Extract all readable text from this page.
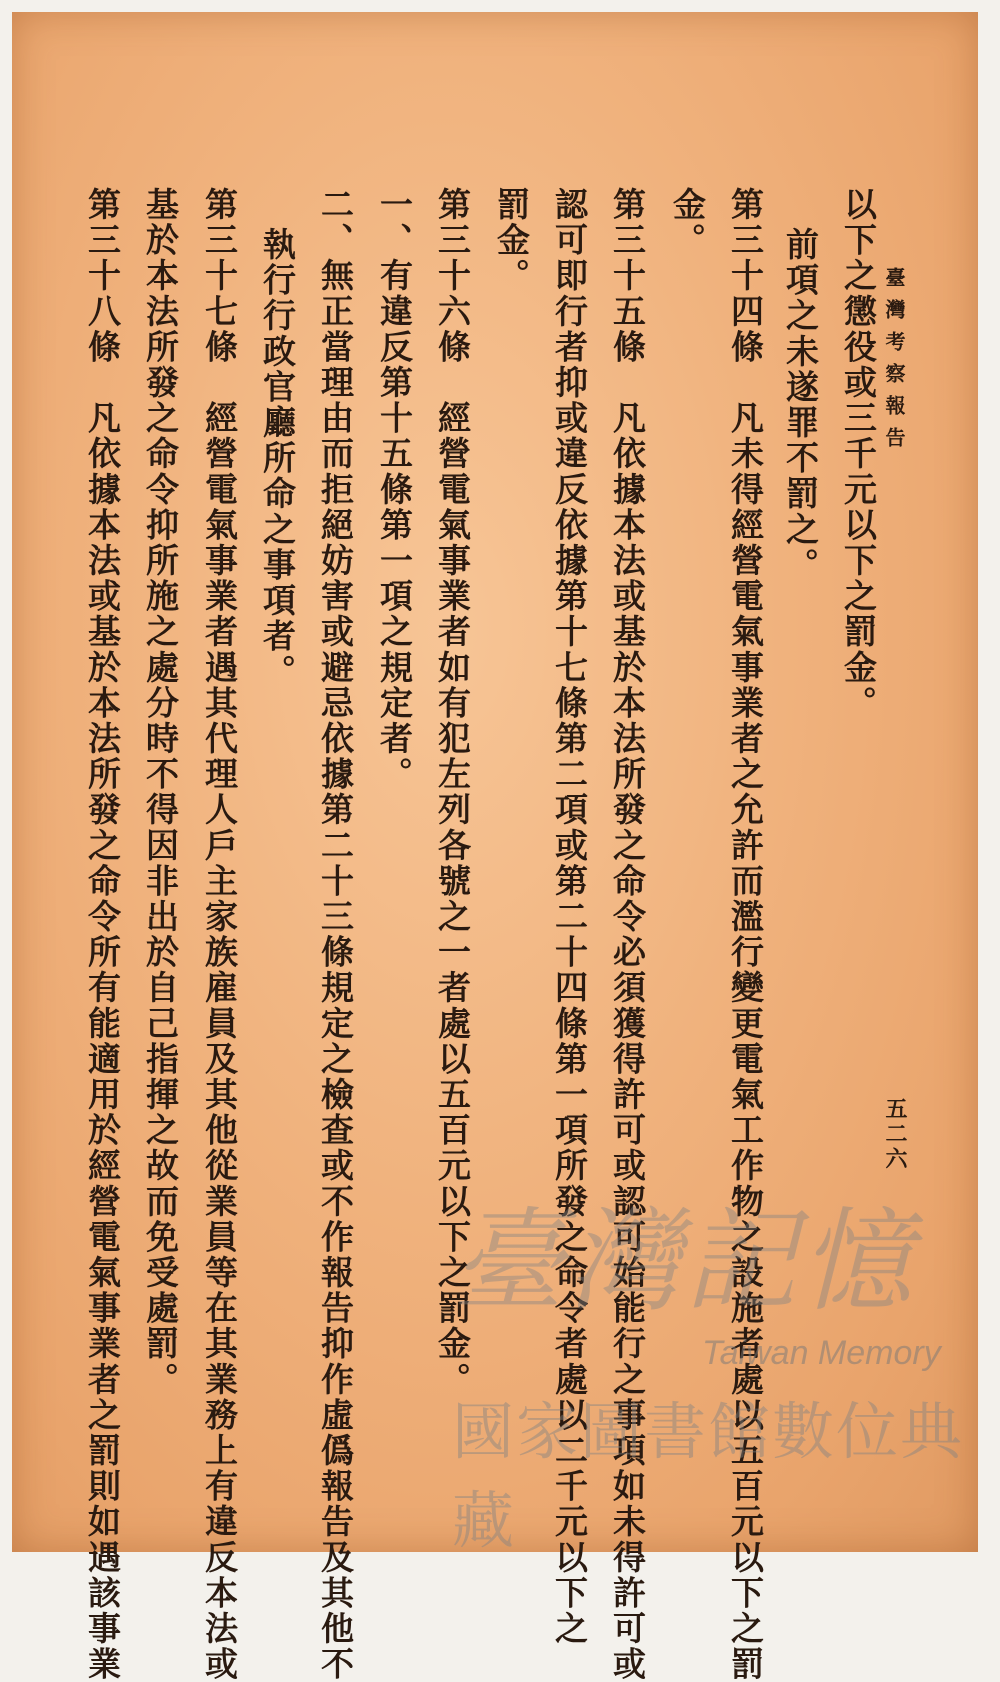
臺灣考察報告
五二六
以下之懲役或三千元以下之罰金。
前項之未遂罪不罰之。
第三十四條　凡未得經營電氣事業者之允許而濫行變更電氣工作物之設施者處以五百元以下之罰
金。
第三十五條　凡依據本法或基於本法所發之命令必須獲得許可或認可始能行之事項如未得許可或
認可即行者抑或違反依據第十七條第二項或第二十四條第一項所發之命令者處以二千元以下之
罰金。
第三十六條　經營電氣事業者如有犯左列各號之一者處以五百元以下之罰金。
一、有違反第十五條第一項之規定者。
二、無正當理由而拒絕妨害或避忌依據第二十三條規定之檢查或不作報告抑作虛僞報告及其他不
執行行政官廳所命之事項者。
第三十七條　經營電氣事業者遇其代理人戶主家族雇員及其他從業員等在其業務上有違反本法或
基於本法所發之命令抑所施之處分時不得因非出於自己指揮之故而免受處罰。
第三十八條　凡依據本法或基於本法所發之命令所有能適用於經營電氣事業者之罰則如遇該事業	臺灣記憶
Taiwan Memory
國家圖書館數位典藏
